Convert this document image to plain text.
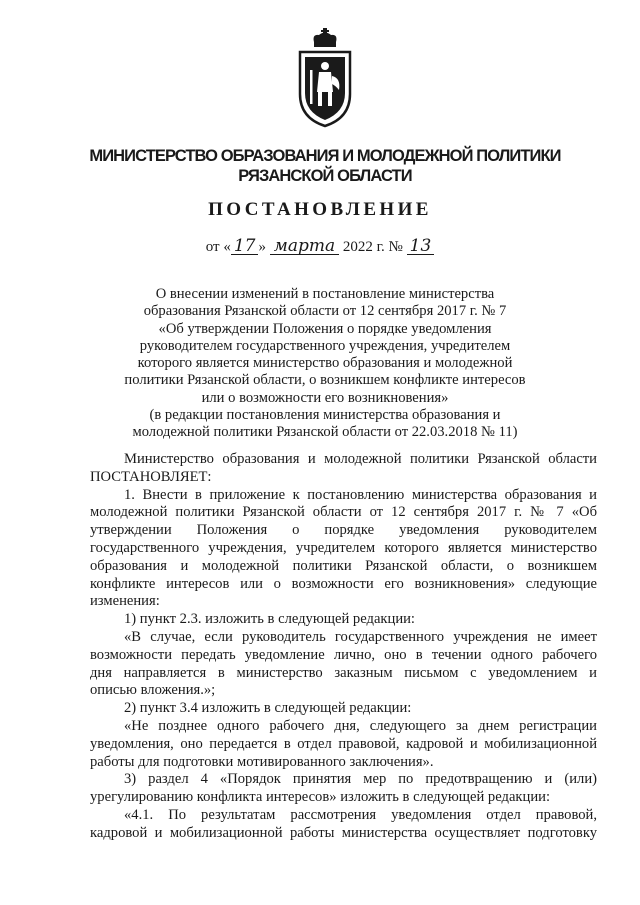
МИНИСТЕРСТВО ОБРАЗОВАНИЯ И МОЛОДЕЖНОЙ ПОЛИТИКИ
РЯЗАНСКОЙ ОБЛАСТИ
ПОСТАНОВЛЕНИЕ
от « 17 » марта 2022 г. № 13
О внесении изменений в постановление министерства
образования Рязанской области от 12 сентября 2017 г. № 7
«Об утверждении Положения о порядке уведомления
руководителем государственного учреждения, учредителем
которого является министерство образования и молодежной
политики Рязанской области, о возникшем конфликте интересов
или о возможности его возникновения»
(в редакции постановления министерства образования и
молодежной политики Рязанской области от 22.03.2018 № 11)
Министерство образования и молодежной политики Рязанской области
ПОСТАНОВЛЯЕТ:
1. Внести в приложение к постановлению министерства образования и
молодежной политики Рязанской области от 12 сентября 2017 г. № 7 «Об
утверждении Положения о порядке уведомления руководителем
государственного учреждения, учредителем которого является министерство
образования и молодежной политики Рязанской области, о возникшем
конфликте интересов или о возможности его возникновения» следующие
изменения:
1) пункт 2.3. изложить в следующей редакции:
«В случае, если руководитель государственного учреждения не имеет
возможности передать уведомление лично, оно в течении одного рабочего
дня направляется в министерство заказным письмом с уведомлением и
описью вложения.»;
2) пункт 3.4 изложить в следующей редакции:
«Не позднее одного рабочего дня, следующего за днем регистрации
уведомления, оно передается в отдел правовой, кадровой и мобилизационной
работы для подготовки мотивированного заключения».
3) раздел 4 «Порядок принятия мер по предотвращению и (или)
урегулированию конфликта интересов» изложить в следующей редакции:
«4.1. По результатам рассмотрения уведомления отдел правовой,
кадровой и мобилизационной работы министерства осуществляет подготовку
